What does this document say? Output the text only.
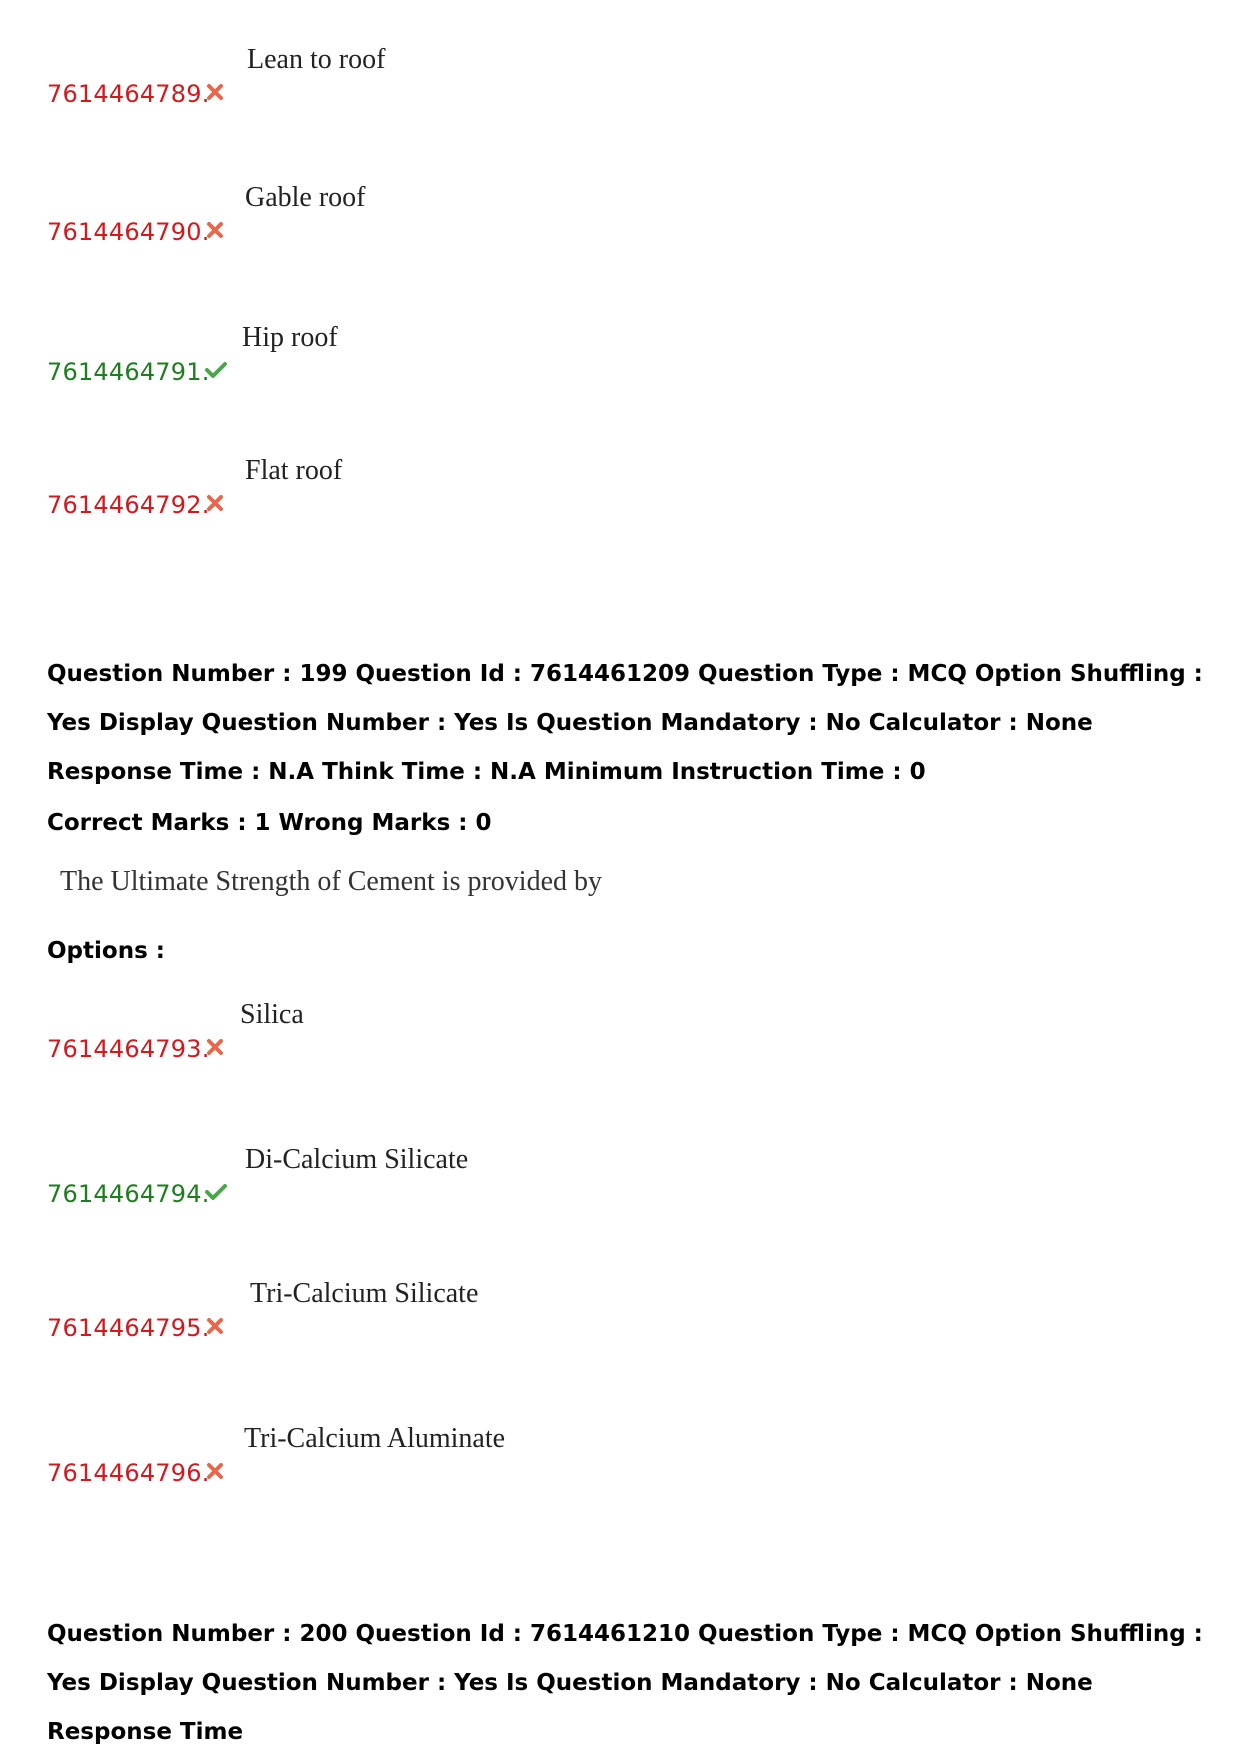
7614464789.
Lean to roof
7614464790.
Gable roof
7614464791.
Hip roof
7614464792.
Flat roof
Question Number : 199 Question Id : 7614461209 Question Type : MCQ Option Shuffling : Yes Display Question Number : Yes Is Question Mandatory : No Calculator : None Response Time : N.A Think Time : N.A Minimum Instruction Time : 0
Correct Marks : 1 Wrong Marks : 0
The Ultimate Strength of Cement is provided by
Options :
7614464793.
Silica
7614464794.
Di-Calcium Silicate
7614464795.
Tri-Calcium Silicate
7614464796.
Tri-Calcium Aluminate
Question Number : 200 Question Id : 7614461210 Question Type : MCQ Option Shuffling : Yes Display Question Number : Yes Is Question Mandatory : No Calculator : None Response Time
